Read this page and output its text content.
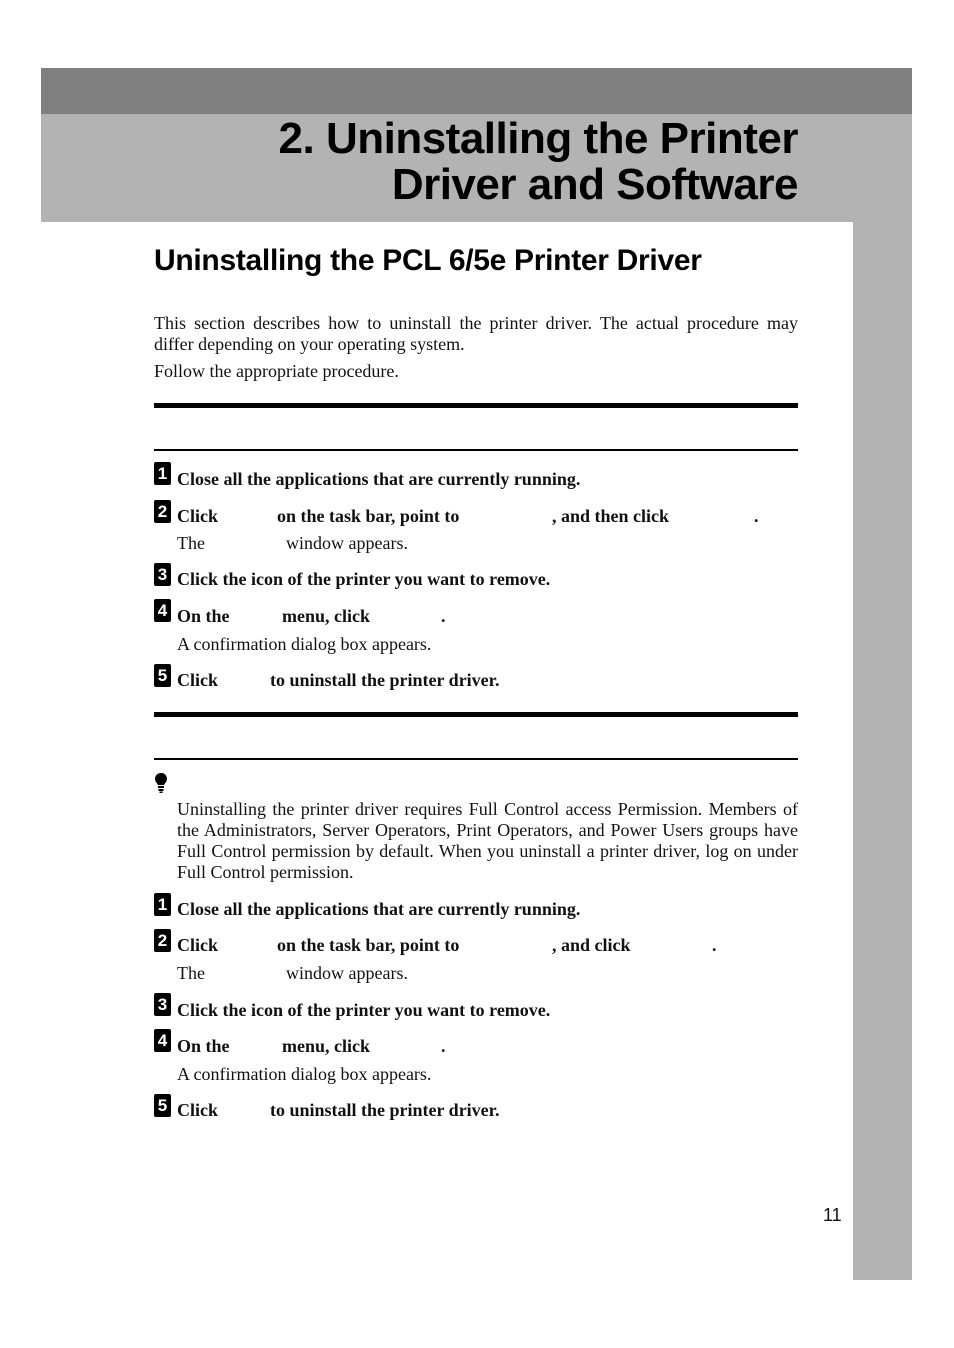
2. Uninstalling the Printer
Driver and Software
Uninstalling the PCL 6/5e Printer Driver

This section describes how to uninstall the printer driver. The actual procedure may differ depending on your operating system.

Follow the appropriate procedure.

1 Close all the applications that are currently running.

2 Click	on the task bar, point to	, and then click	.
The	window appears.
3 Click the icon of the printer you want to remove.

4 On the	menu, click	.

A confirmation dialog box appears.

5 Click	to uninstall the printer driver.

Uninstalling the printer driver requires Full Control access Permission. Members of the Administrators, Server Operators, Print Operators, and Power Users groups have Full Control permission by default. When you uninstall a printer driver, log on under Full Control permission.

1 Close all the applications that are currently running.

2 Click	on the task bar, point to	, and click	.
The	window appears.
3 Click the icon of the printer you want to remove.

4 On the	menu, click	.

A confirmation dialog box appears.

5 Click	to uninstall the printer driver.
11
